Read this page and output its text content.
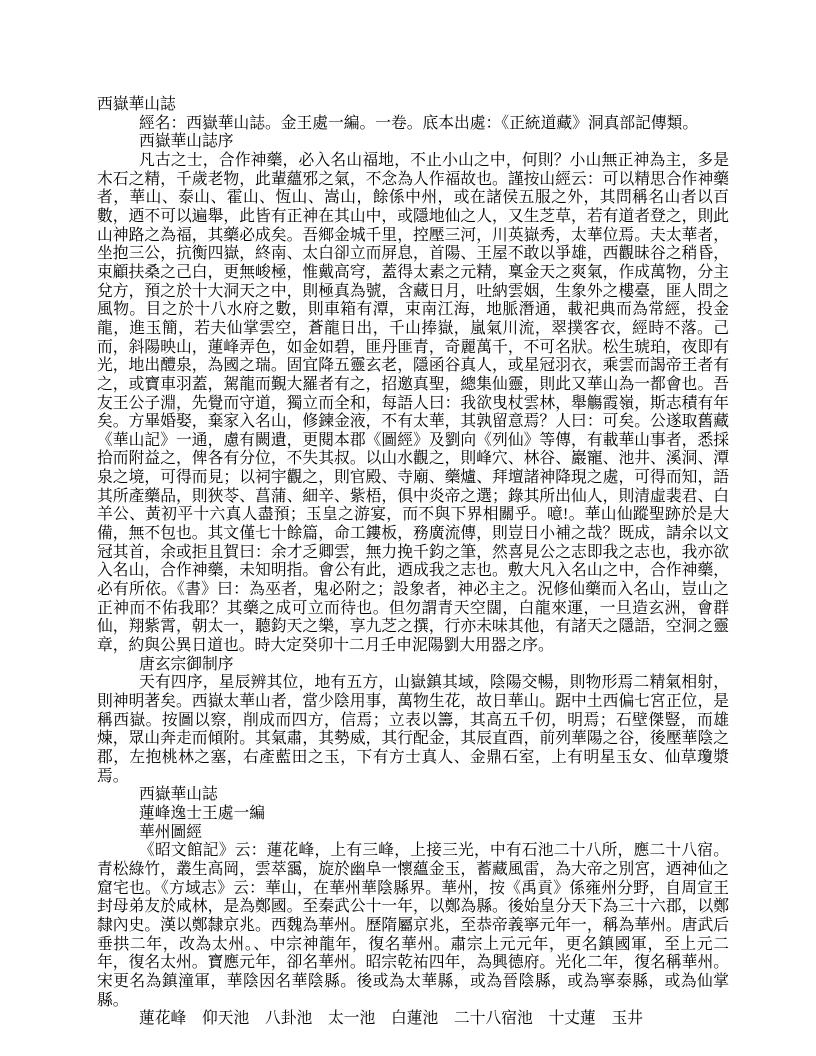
西嶽華山誌

經名：西嶽華山誌。金王處一編。一卷。底本出處：《正統道藏》洞真部記傳類。

西嶽華山誌序

凡古之士，合作神藥，必入名山福地，不止小山之中，何則？小山無正神為主，多是木石之精，千歲老物，此輩蘊邪之氣，不念為人作福故也。謹按山經云：可以精思合作神藥者，華山、泰山、霍山、恆山、嵩山，餘係中州，或在諸侯五服之外，其問稱名山者以百數，迺不可以遍舉，此皆有正神在其山中，或隱地仙之人，又生芝草，若有道者登之，則此山神路之為福，其藥必成矣。吾鄉金城千里，控壓三河，川英嶽秀，太華位焉。夫太華者，坐抱三公，抗衡四嶽，終南、太白卻立而屏息，首陽、王屋不敢以爭雄，西觀昧谷之稍昏，束顧扶桑之己白，更無峻極，惟戴高穹，蓋得太素之元精，稟金天之爽氣，作成萬物，分主兌方，預之於十大洞天之中，則極真為號，含藏日月，吐納雲姻，生象外之樓臺，匪人問之風物。目之於十八水府之數，則車箱有潭，束南江海，地脈潛通，載祀典而為常經，投金龍，進玉簡，若夫仙掌雲空，蒼龍日出，千山捧嶽，嵐氣川流，翠撲客衣，經時不落。己而，斜陽映山，蓮峰弄色，如金如碧，匪丹匪青，奇麗萬千，不可名狀。松生琥珀，夜即有光，地出醴泉，為國之瑞。固宜降五靈玄老，隱函谷真人，或星冠羽衣，乘雲而謁帝王者有之，或寶車羽蓋，駕龍而覲大羅者有之，招邀真聖，總集仙靈，則此又華山為一都會也。吾友王公子淵，先覺而守道，獨立而全和，每語人曰：我欲曳杖雲林，舉觴霞嶺，斯志積有年矣。方畢婚娶，棄家入名山，修鍊金液，不有太華，其孰留意焉？人曰：可矣。公遂取舊藏《華山記》一通，慮有闕遺，更閱本郡《圖經》及劉向《列仙》等傳，有載華山事者，悉採拾而附益之，俾各有分位，不失其叔。以山水觀之，則峰穴、林谷、巖寵、池井、溪洞、潭泉之境，可得而見；以祠宇觀之，則官殿、寺廟、藥爐、拜壇諸神降現之處，可得而知，語其所產藥品，則狹苓、菖蒲、細辛、紫梧，俱中炎帝之選；錄其所出仙人，則清虛裴君、白羊公、黃初平十六真人盡預；玉皇之游宴，而不與下界相關乎。噫!。華山仙蹤聖跡於是大備，無不包也。其文僅七十餘篇，命工鏤板，務廣流傳，則豈日小補之哉？既成，請余以文冠其首，余或拒且賀曰：余才乏卿雲，無力挽千鈞之筆，然喜見公之志即我之志也，我亦欲入名山，合作神藥，未知明指。會公有此，迺成我之志也。敷大凡入名山之中，合作神藥，必有所依。《書》曰：為巫者，鬼必附之；設象者，神必主之。況修仙藥而入名山，豈山之正神而不佑我耶？其藥之成可立而待也。但勿謂青天空闊，白龍來運，一旦造玄洲，會群仙，翔紫霄，朝太一，聽鈞天之樂，享九芝之撰，行亦未味其他，有諸天之隱語，空洞之靈章，約與公異日道也。時大定癸卯十二月壬申泥陽劉大用器之序。

唐玄宗御制序

天有四序，星辰辨其位，地有五方，山嶽鎮其域，陰陽交暢，則物形焉二精氣相射，則神明著矣。西嶽太華山者，當少陰用事，萬物生花，故日華山。踞中土西偏七宮正位，是稱西嶽。按圖以察，削成而四方，信焉；立表以籌，其高五千仞，明焉；石壁傑豎，而雄煉，眾山奔走而傾附。其氣肅，其勢威，其行配金，其辰直酉，前列華陽之谷，後壓華陰之郡，左抱桃林之塞，右產藍田之玉，下有方士真人、金鼎石室，上有明星玉女、仙草瓊漿焉。

西嶽華山誌

蓮峰逸士王處一編

華州圖經

《昭文館記》云：蓮花峰，上有三峰，上接三光，中有石池二十八所，應二十八宿。青松綠竹，叢生高岡，雲萃靄，旋於幽阜一懷蘊金玉，蓄藏風雷，為大帝之別宮，迺神仙之窟宅也。《方域志》云：華山，在華州華陰縣界。華州，按《禹貢》係雍州分野，自周宣王封母弟友於咸林，是為鄭國。至秦武公十一年，以鄭為縣。後始皇分天下為三十六郡，以鄭隸內史。漢以鄭隸京兆。西魏為華州。歷隋屬京兆，至恭帝義寧元年一，稱為華州。唐武后垂拱二年，改為太州。、中宗神龍年，復名華州。肅宗上元元年，更名鎮國軍，至上元二年，復名太州。寶應元年，卻名華州。昭宗乾祐四年，為興德府。光化二年，復名稱華州。宋更名為鎮潼軍，華陰因名華陰縣。後或為太華縣，或為晉陰縣，或為寧泰縣，或為仙掌縣。

蓮花峰　仰天池　八卦池　太一池　白蓮池　二十八宿池　十丈蓮　玉井
